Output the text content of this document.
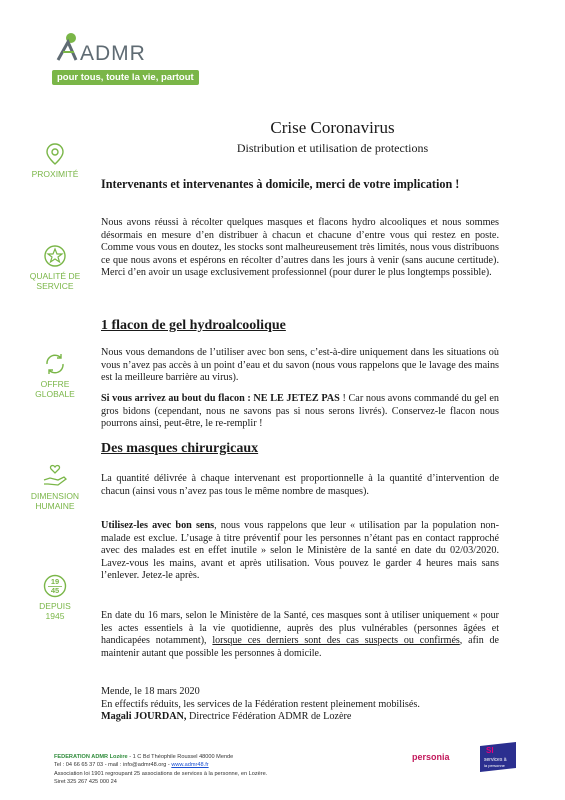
ADMR
pour tous, toute la vie, partout
PROXIMITÉ
QUALITÉ DE
SERVICE
OFFRE
GLOBALE
DIMENSION
HUMAINE
19
45
DEPUIS
1945
Crise Coronavirus
Distribution et utilisation de protections

Intervenants et intervenantes à domicile, merci de votre implication !

Nous avons réussi à récolter quelques masques et flacons hydro alcooliques et nous sommes désormais en mesure d’en distribuer à chacun et chacune d’entre vous qui restez en poste. Comme vous vous en doutez, les stocks sont malheureusement très limités, nous vous distribuons ce que nous avons et espérons en récolter d’autres dans les jours à venir (sans aucune certitude). Merci d’en avoir un usage exclusivement professionnel (pour durer le plus longtemps possible).

1 flacon de gel hydroalcoolique

Nous vous demandons de l’utiliser avec bon sens, c’est-à-dire uniquement dans les situations où vous n’avez pas accès à un point d’eau et du savon (nous vous rappelons que le lavage des mains est la meilleure barrière au virus).

Si vous arrivez au bout du flacon : NE LE JETEZ PAS ! Car nous avons commandé du gel en gros bidons (cependant, nous ne savons pas si nous serons livrés). Conservez-le flacon nous pourrons ainsi, peut-être, le re-remplir !

Des masques chirurgicaux

La quantité délivrée à chaque intervenant est proportionnelle à la quantité d’intervention de chacun (ainsi vous n’avez pas tous le même nombre de masques).

Utilisez-les avec bon sens, nous vous rappelons que leur « utilisation par la population non-malade est exclue. L’usage à titre préventif pour les personnes n’étant pas en contact rapproché avec des malades est en effet inutile » selon le Ministère de la santé en date du 02/03/2020. Lavez-vous les mains, avant et après utilisation. Vous pouvez le garder 4 heures mais sans l’enlever. Jetez-le après.

En date du 16 mars, selon le Ministère de la Santé, ces masques sont à utiliser uniquement « pour les actes essentiels à la vie quotidienne, auprès des plus vulnérables (personnes âgées et handicapées notamment), lorsque ces derniers sont des cas suspects ou confirmés, afin de maintenir autant que possible les personnes à domicile.

Mende, le 18 mars 2020

En effectifs réduits, les services de la Fédération restent pleinement mobilisés.

Magali JOURDAN, Directrice Fédération ADMR de Lozère

FEDERATION ADMR Lozère - 1 C Bd Théophile Roussel 48000 Mende
Tel : 04 66 65 37 03 - mail : info@admr48.org - www.admr48.fr
Association loi 1901 regroupant 25 associations de services à la personne, en Lozère.
Siret 325 267 425 000 24
personia
SI
services à
la personne
